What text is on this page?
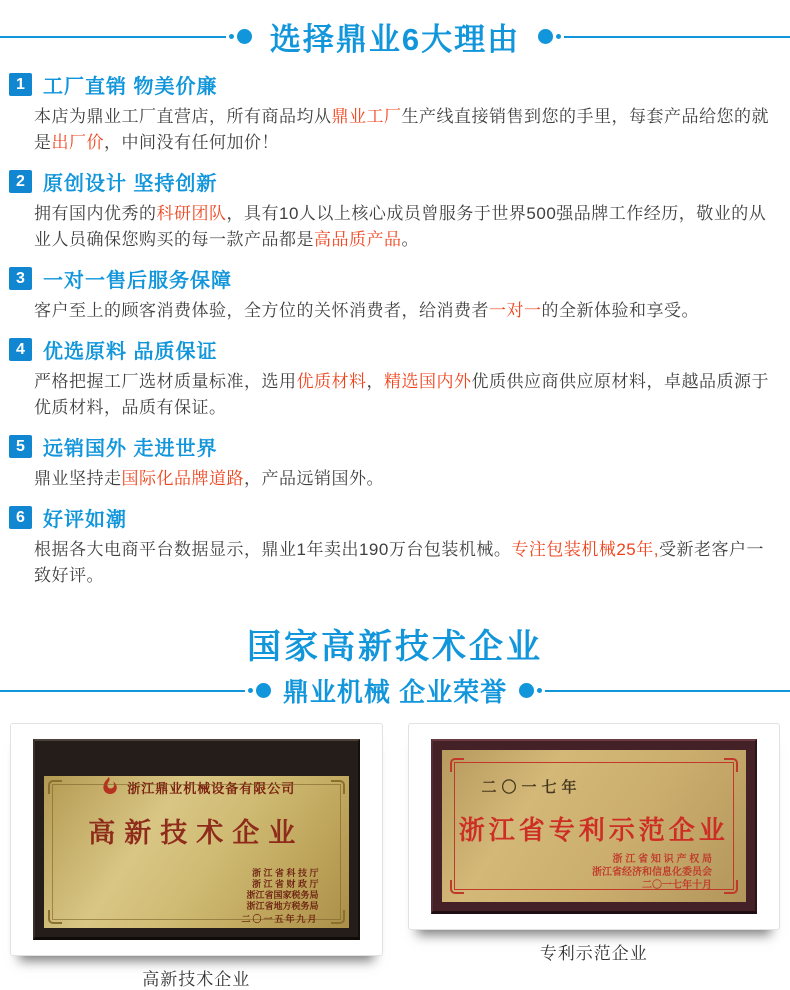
选择鼎业6大理由
1 工厂直销 物美价廉
本店为鼎业工厂直营店，所有商品均从鼎业工厂生产线直接销售到您的手里，每套产品给您的就是出厂价，中间没有任何加价！
2 原创设计 坚持创新
拥有国内优秀的科研团队，具有10人以上核心成员曾服务于世界500强品牌工作经历，敬业的从业人员确保您购买的每一款产品都是高品质产品。
3 一对一售后服务保障
客户至上的顾客消费体验，全方位的关怀消费者，给消费者一对一的全新体验和享受。
4 优选原料 品质保证
严格把握工厂选材质量标准，选用优质材料，精选国内外优质供应商供应原材料，卓越品质源于优质材料，品质有保证。
5 远销国外 走进世界
鼎业坚持走国际化品牌道路，产品远销国外。
6 好评如潮
根据各大电商平台数据显示，鼎业1年卖出190万台包装机械。专注包装机械25年,受新老客户一致好评。
国家高新技术企业
鼎业机械 企业荣誉
浙江鼎业机械设备有限公司
高新技术企业
浙 江 省 科 技 厅
浙 江 省 财 政 厅
浙江省国家税务局
浙江省地方税务局
二〇一五年九月
高新技术企业
二〇一七年
浙江省专利示范企业
浙 江 省 知 识 产 权 局
浙江省经济和信息化委员会
二〇一七年十月
专利示范企业
